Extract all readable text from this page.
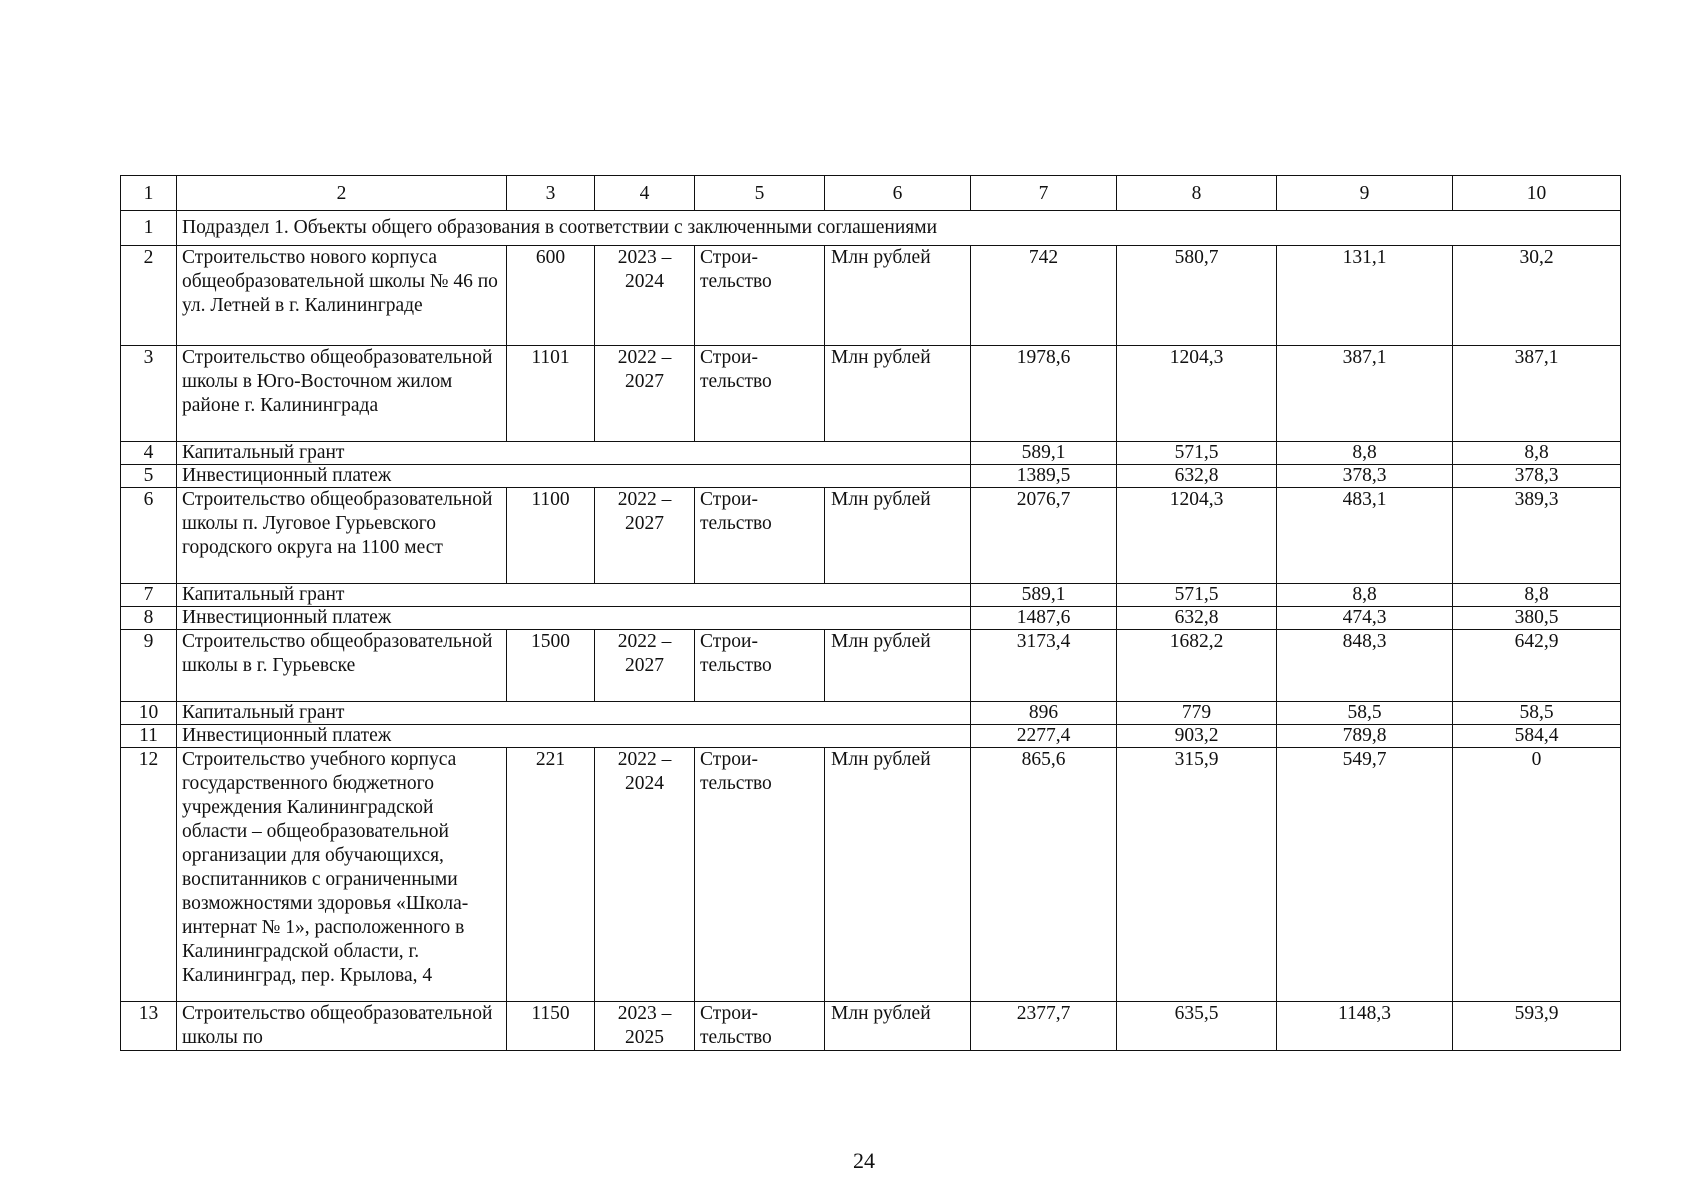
1	2	3	4	5	6	7	8	9	10
1	Подраздел 1. Объекты общего образования в соответствии с заключенными соглашениями								
2	Строительство нового корпуса общеобразовательной школы № 46 по ул. Летней в г. Калининграде	600	2023 – 2024	Строи-тельство	Млн рублей	742	580,7	131,1	30,2
3	Строительство общеобразовательной школы в Юго-Восточном жилом районе г. Калининграда	1101	2022 – 2027	Строи-тельство	Млн рублей	1978,6	1204,3	387,1	387,1
4	Капитальный грант					589,1	571,5	8,8	8,8
5	Инвестиционный платеж					1389,5	632,8	378,3	378,3
6	Строительство общеобразовательной школы п. Луговое Гурьевского городского округа на 1100 мест	1100	2022 – 2027	Строи-тельство	Млн рублей	2076,7	1204,3	483,1	389,3
7	Капитальный грант					589,1	571,5	8,8	8,8
8	Инвестиционный платеж					1487,6	632,8	474,3	380,5
9	Строительство общеобразовательной школы в г. Гурьевске	1500	2022 – 2027	Строи-тельство	Млн рублей	3173,4	1682,2	848,3	642,9
10	Капитальный грант					896	779	58,5	58,5
11	Инвестиционный платеж					2277,4	903,2	789,8	584,4
12	Строительство учебного корпуса государственного бюджетного учреждения Калининградской области – общеобразовательной организации для обучающихся, воспитанников с ограниченными возможностями здоровья «Школа-интернат № 1», расположенного в Калининградской области, г. Калининград, пер. Крылова, 4	221	2022 – 2024	Строи-тельство	Млн рублей	865,6	315,9	549,7	0
13	Строительство общеобразовательной школы по	1150	2023 – 2025	Строи-тельство	Млн рублей	2377,7	635,5	1148,3	593,9
24
